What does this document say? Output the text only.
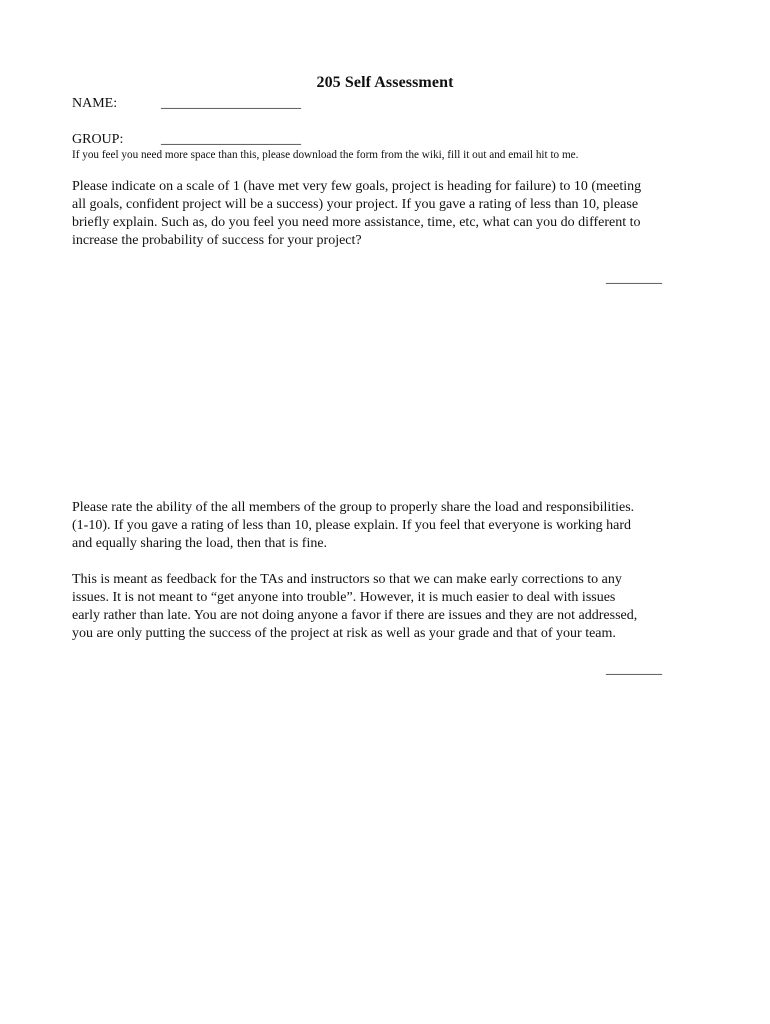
205 Self Assessment
NAME:	____________________
GROUP:	____________________
If you feel you need more space than this, please download the form from the wiki, fill it out and email hit to me.
Please indicate on a scale of 1 (have met very few goals, project is heading for failure) to 10 (meeting
all goals, confident project will be a success) your project. If you gave a rating of less than 10, please
briefly explain. Such as, do you feel you need more assistance, time, etc, what can you do different to
increase the probability of success for your project?
________
Please rate the ability of the all members of the group to properly share the load and responsibilities.
(1-10). If you gave a rating of less than 10, please explain. If you feel that everyone is working hard
and equally sharing the load, then that is fine.
This is meant as feedback for the TAs and instructors so that we can make early corrections to any
issues. It is not meant to “get anyone into trouble”. However, it is much easier to deal with issues
early rather than late. You are not doing anyone a favor if there are issues and they are not addressed,
you are only putting the success of the project at risk as well as your grade and that of your team.
________
